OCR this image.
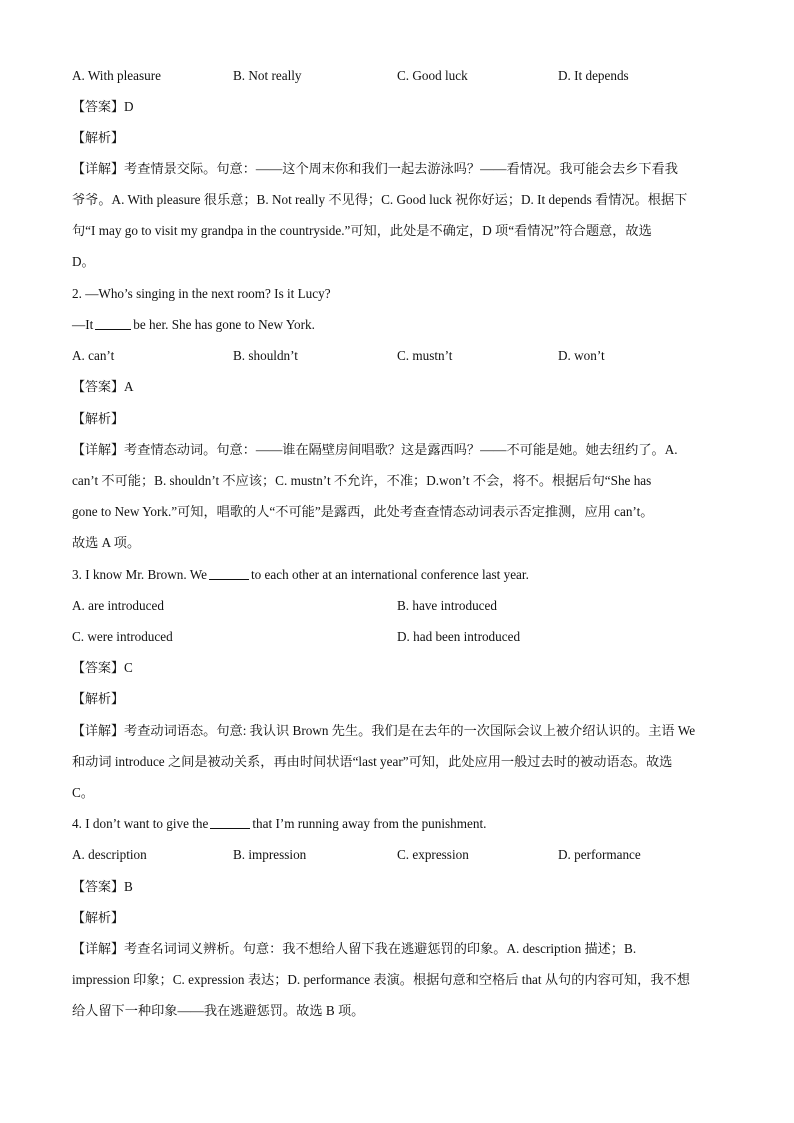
A. With pleasure	B. Not really	C. Good luck	D. It depends
【答案】D
【解析】
【详解】考查情景交际。句意：——这个周末你和我们一起去游泳吗？——看情况。我可能会去乡下看我
爷爷。A. With pleasure 很乐意；B. Not really 不见得；C. Good luck 祝你好运；D. It depends 看情况。根据下
句“I may go to visit my grandpa in the countryside.”可知，此处是不确定，D 项“看情况”符合题意，故选
D。
2. —Who’s singing in the next room? Is it Lucy?
—It	be her. She has gone to New York.
A. can’t	B. shouldn’t	C. mustn’t	D. won’t
【答案】A
【解析】
【详解】考查情态动词。句意：——谁在隔壁房间唱歌？这是露西吗？——不可能是她。她去纽约了。A.
can’t 不可能；B. shouldn’t 不应该；C. mustn’t 不允许，不准；D.won’t 不会，将不。根据后句“She has
gone to New York.”可知，唱歌的人“不可能”是露西，此处考查查情态动词表示否定推测，应用 can’t。
故选 A 项。
3. I know Mr. Brown. We	to each other at an international conference last year.
A. are introduced	B. have introduced
C. were introduced	D. had been introduced
【答案】C
【解析】
【详解】考查动词语态。句意: 我认识 Brown 先生。我们是在去年的一次国际会议上被介绍认识的。主语 We
和动词 introduce 之间是被动关系，再由时间状语“last year”可知，此处应用一般过去时的被动语态。故选
C。
4. I don’t want to give the	that I’m running away from the punishment.
A. description	B. impression	C. expression	D. performance
【答案】B
【解析】
【详解】考查名词词义辨析。句意：我不想给人留下我在逃避惩罚的印象。A. description 描述；B.
impression 印象；C. expression 表达；D. performance 表演。根据句意和空格后 that 从句的内容可知，我不想
给人留下一种印象——我在逃避惩罚。故选 B 项。
